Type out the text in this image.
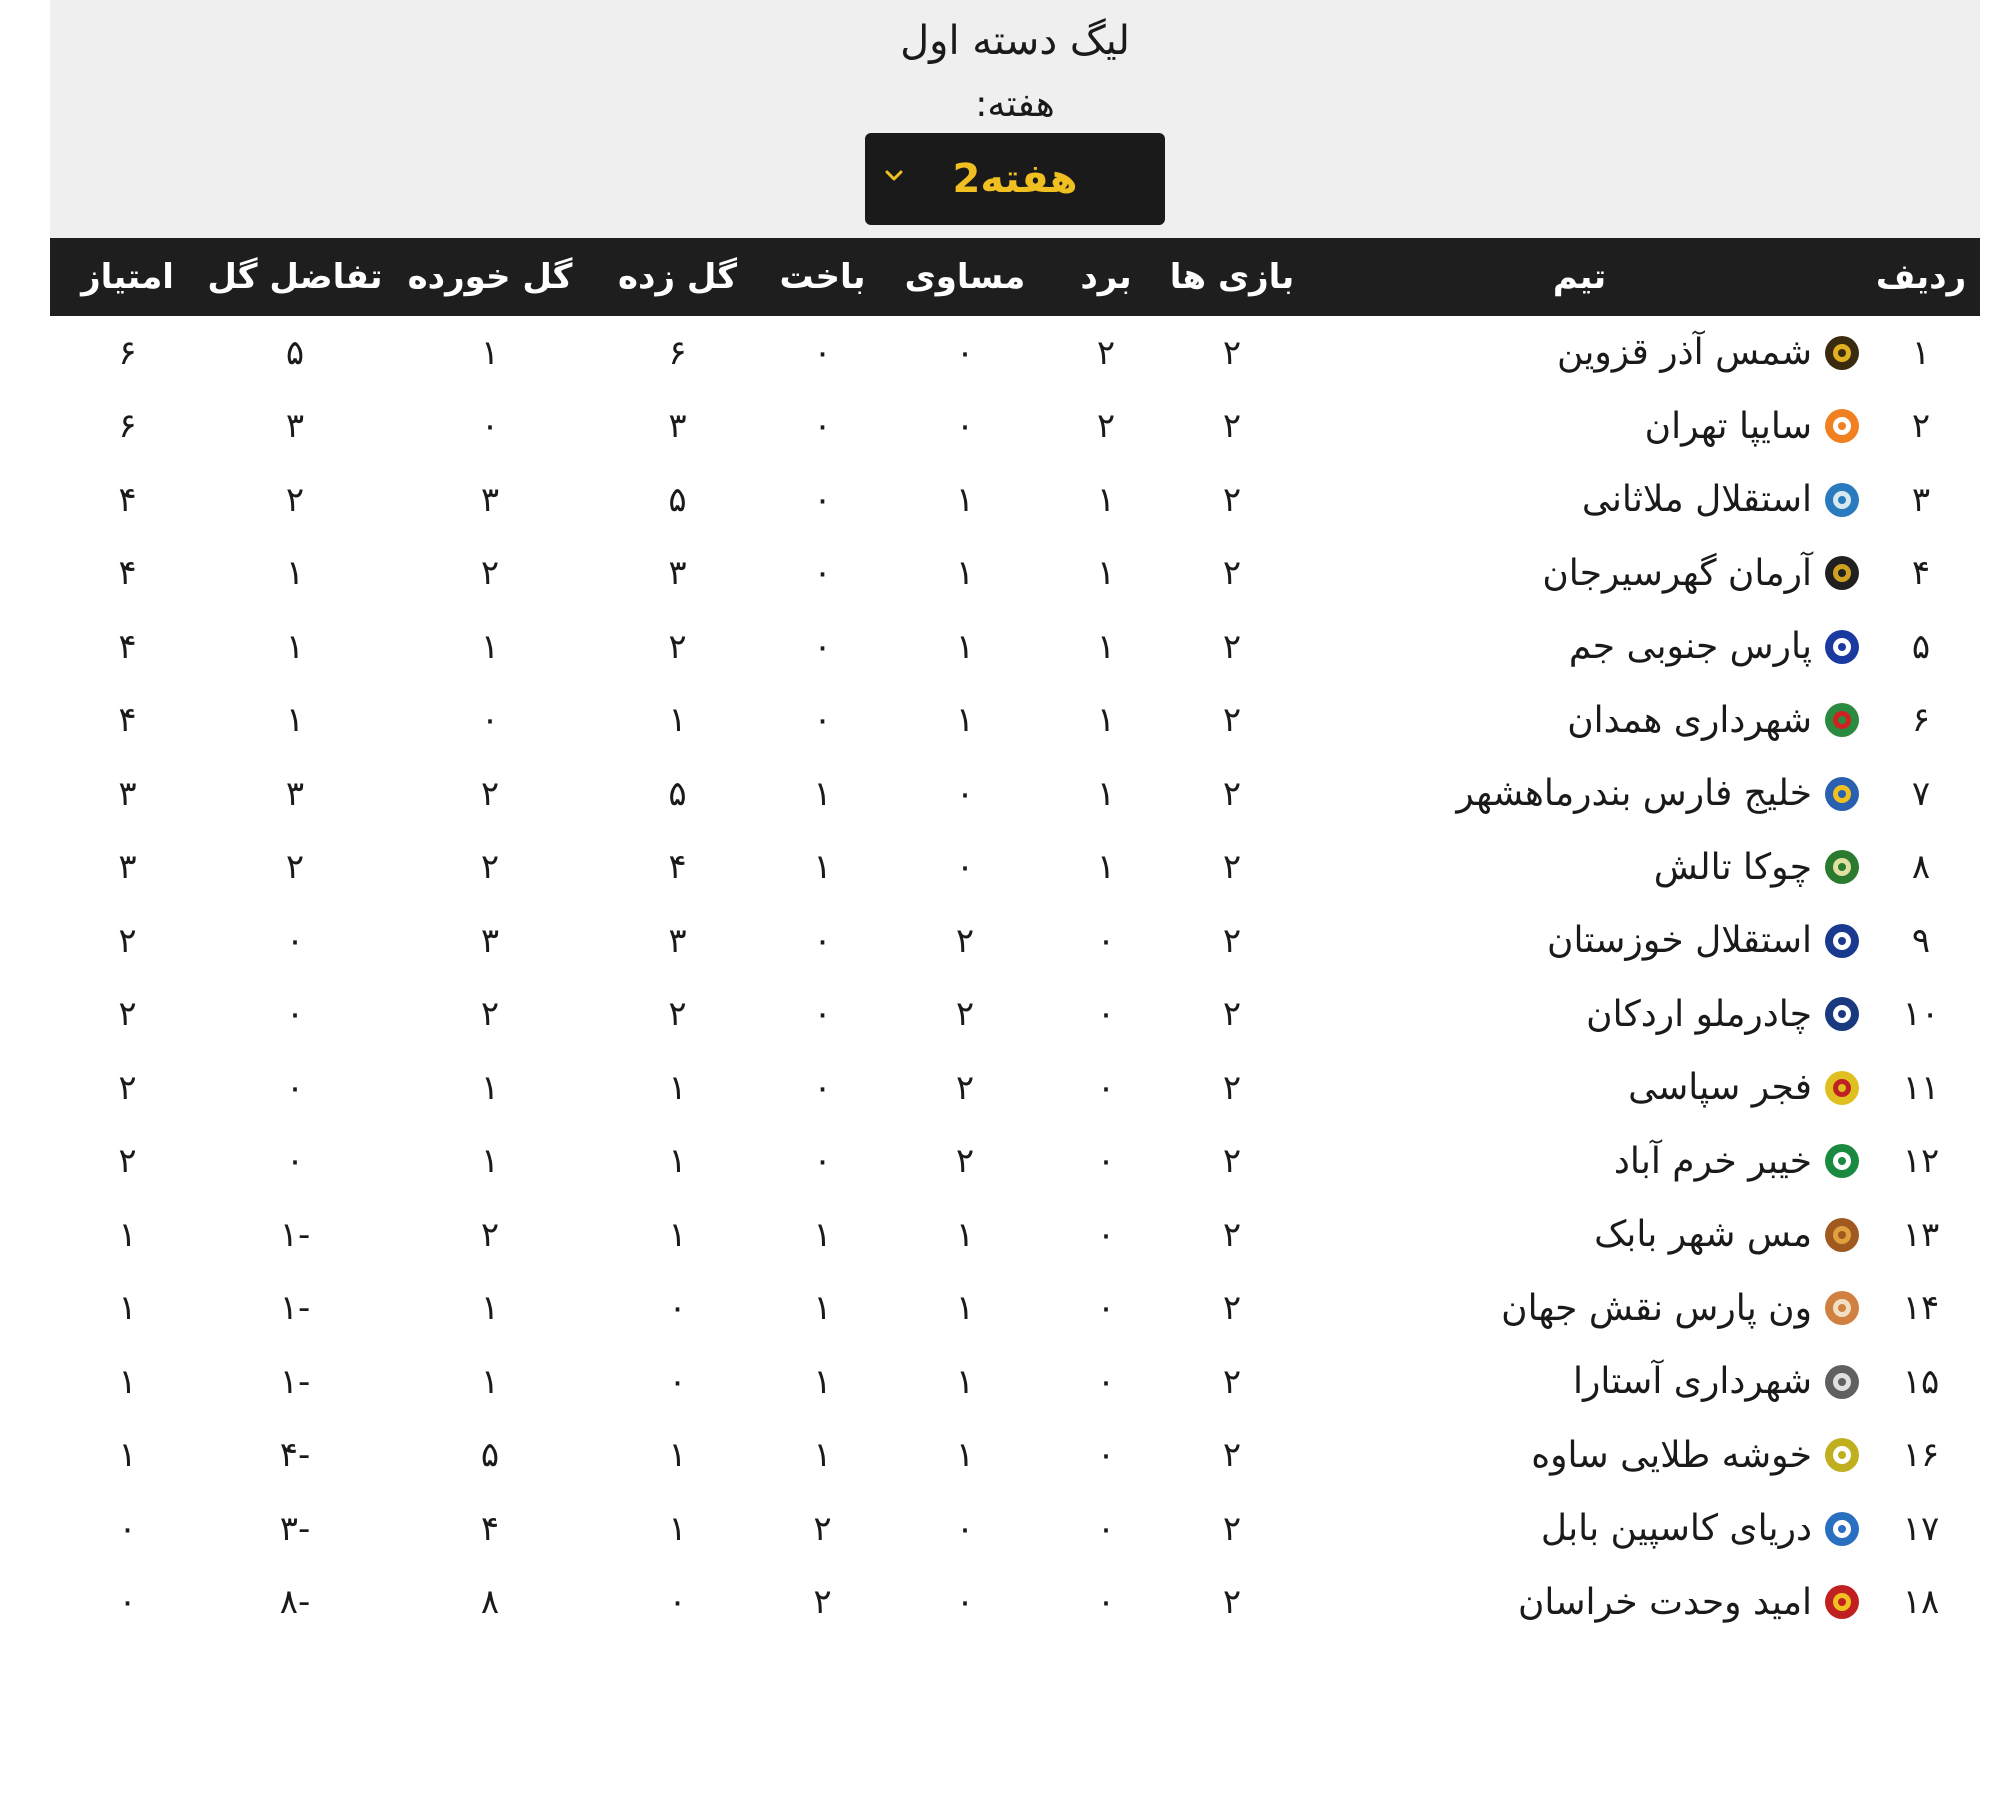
لیگ دسته اول
هفته:
هفته2
ردیف	تیم	بازی ها	برد	مساوی	باخت	گل زده	گل خورده	تفاضل گل	امتیاز
۱	شمس آذر قزوین	۲	۲	۰	۰	۶	۱	۵	۶
۲	سایپا تهران	۲	۲	۰	۰	۳	۰	۳	۶
۳	استقلال ملاثانی	۲	۱	۱	۰	۵	۳	۲	۴
۴	آرمان گهرسیرجان	۲	۱	۱	۰	۳	۲	۱	۴
۵	پارس جنوبی جم	۲	۱	۱	۰	۲	۱	۱	۴
۶	شهرداری همدان	۲	۱	۱	۰	۱	۰	۱	۴
۷	خلیج فارس بندرماهشهر	۲	۱	۰	۱	۵	۲	۳	۳
۸	چوکا تالش	۲	۱	۰	۱	۴	۲	۲	۳
۹	استقلال خوزستان	۲	۰	۲	۰	۳	۳	۰	۲
۱۰	چادرملو اردکان	۲	۰	۲	۰	۲	۲	۰	۲
۱۱	فجر سپاسی	۲	۰	۲	۰	۱	۱	۰	۲
۱۲	خیبر خرم آباد	۲	۰	۲	۰	۱	۱	۰	۲
۱۳	مس شهر بابک	۲	۰	۱	۱	۱	۲	-۱	۱
۱۴	ون پارس نقش جهان	۲	۰	۱	۱	۰	۱	-۱	۱
۱۵	شهرداری آستارا	۲	۰	۱	۱	۰	۱	-۱	۱
۱۶	خوشه طلایی ساوه	۲	۰	۱	۱	۱	۵	-۴	۱
۱۷	دریای کاسپین بابل	۲	۰	۰	۲	۱	۴	-۳	۰
۱۸	امید وحدت خراسان	۲	۰	۰	۲	۰	۸	-۸	۰
